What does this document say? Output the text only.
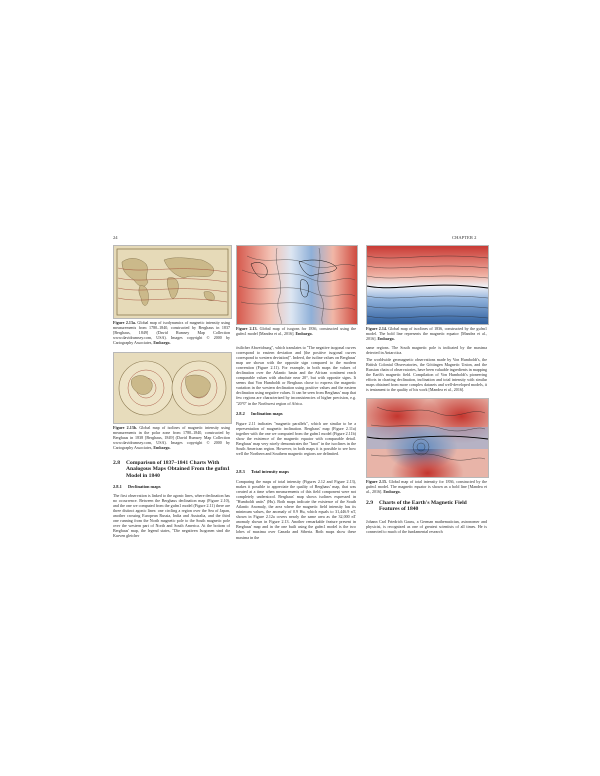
24	CHAPTER 2
Figure 2.13a. Global map of isodynamics of magnetic intensity using measurements from 1780–1840, constructed by Berghaus in 1837 [Berghaus, 1849] (David Rumsey Map Collection www.davidrumsey.com, USA). Images copyright © 2000 by Cartography Associates, Embargo.
Figure 2.13b. Global map of isolines of magnetic intensity using measurements in the polar zone from 1780–1840, constructed by Berghaus in 1838 [Berghaus, 1849] (David Rumsey Map Collection www.davidrumsey.com, USA). Images copyright © 2000 by Cartography Associates, Embargo.
2.8 Comparison of 1837–1841 Charts With Analogous Maps Obtained From the gufm1 Model in 1840
2.8.1 Declination maps
The first observation is linked to the agonic lines, where declination has no occurrence. Between the Berghaus declination map (Figure 2.10), and the one we computed from the gufm1 model (Figure 2.11) there are three distinct agonic lines: one circling a region over the Sea of Japan, another crossing European Russia, India and Australia, and the third one running from the North magnetic pole to the South magnetic pole over the western part of North and South America. At the bottom of Berghaus' map, the legend states, "Die negativen Isogonen sind die Kurven gleicher
Figure 2.13. Global map of isogons for 1836, constructed using the gufm1 model [Mandea et al., 2016]. Embargo.
östlicher Abweichung", which translates to "The negative isogonal curves correspond to eastern deviation and [the positive isogonal curves correspond to western deviation]". Indeed, the isoline values on Berghaus' map are shown with the opposite sign compared to the modern convention (Figure 2.11). For example, in both maps the values of declination over the Atlantic basin and the African continent reach comparable values with absolute near 20°, but with opposite signs. It seems that Von Humboldt or Berghaus chose to express the magnetic variation in the western declination using positive values and the eastern declination using negative values. It can be seen from Berghaus' map that few regions are characterized by inconsistencies of higher precision, e.g. "20°0" in the Northwest region of Africa.
2.8.2 Inclination maps
Figure 2.11 indicates "magnetic parallels", which are similar to be a representation of magnetic inclination. Berghaus' map (Figure 2.11a) together with the one we computed from the gufm1 model (Figure 2.11b) show the existence of the magnetic equator with comparable detail. Berghaus' map very nicely demonstrates the "knot" in the isoclines in the South American region. However, in both maps it is possible to see how well the Northern and Southern magnetic regions are delimited.
2.8.3 Total intensity maps
Comparing the maps of total intensity (Figures 2.12 and Figure 2.13), makes it possible to appreciate the quality of Berghaus' map, that was created at a time when measurements of this field component were not completely understood. Berghaus' map shows isolines expressed in "Humboldt units" (Hu). Both maps indicate the existence of the South Atlantic Anomaly, the area where the magnetic field intensity has its minimum values, the anomaly of 0.9 Hu, which equals to 31,446.9 nT, shown in Figure 2.12a covers nearly the same area as the 32,000 nT anomaly shown in Figure 2.13. Another remarkable feature present in Berghaus' map and in the one built using the gufm1 model is the two lobes of maxima over Canada and Siberia. Both maps show these maxima in the
Figure 2.14. Global map of isoclines of 1836, constructed by the gufm1 model. The bold line represents the magnetic equator [Mandea et al., 2016]. Embargo.
same regions. The South magnetic pole is indicated by the maxima detected in Antarctica.
The worldwide geomagnetic observations made by Von Humboldt's, the British Colonial Observatories, the Göttingen Magnetic Union, and the Russian chain of observatories, have been valuable ingredients in mapping the Earth's magnetic field. Compilation of Von Humboldt's pioneering efforts in charting declination, inclination and total intensity with similar maps obtained from more complex datasets and well-developed models, it is tentament to the quality of his work [Mandea et al., 2016].
Figure 2.15. Global map of total intensity for 1836, constructed by the gufm1 model. The magnetic equator is shown as a bold line [Mandea et al., 2016]. Embargo.
2.9 Charts of the Earth's Magnetic Field Features of 1840
Johann Carl Friedrich Gauss, a German mathematician, astronomer and physicist, is recognized as one of greatest scientists of all times. He is connected to much of the fundamental research
